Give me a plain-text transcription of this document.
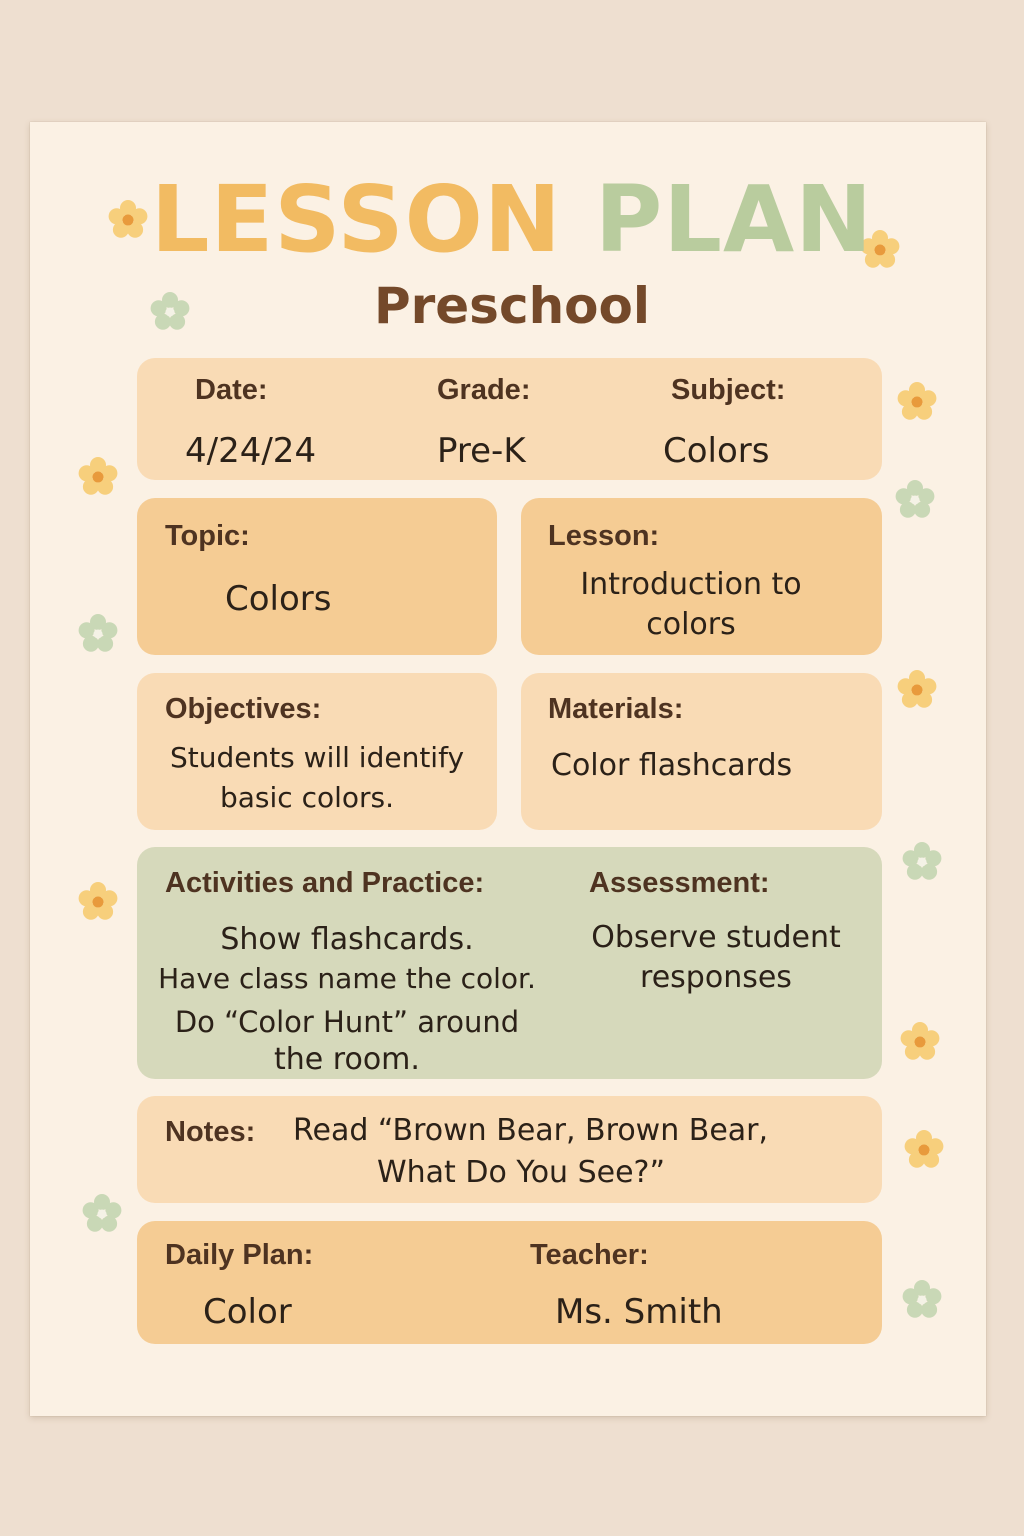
LESSON PLAN
Preschool
Date:
4/24/24
Grade:
Pre-K
Subject:
Colors
Topic:
Colors
Lesson:
Introduction to
colors
Objectives:
Students will identify
basic colors.
Materials:
Color flashcards
Activities and Practice:
Show flashcards.
Have class name the color.
Do “Color Hunt” around
the room.
Assessment:
Observe student
responses
Notes: Read “Brown Bear, Brown Bear,
What Do You See?”
Daily Plan:
Color
Teacher:
Ms. Smith
